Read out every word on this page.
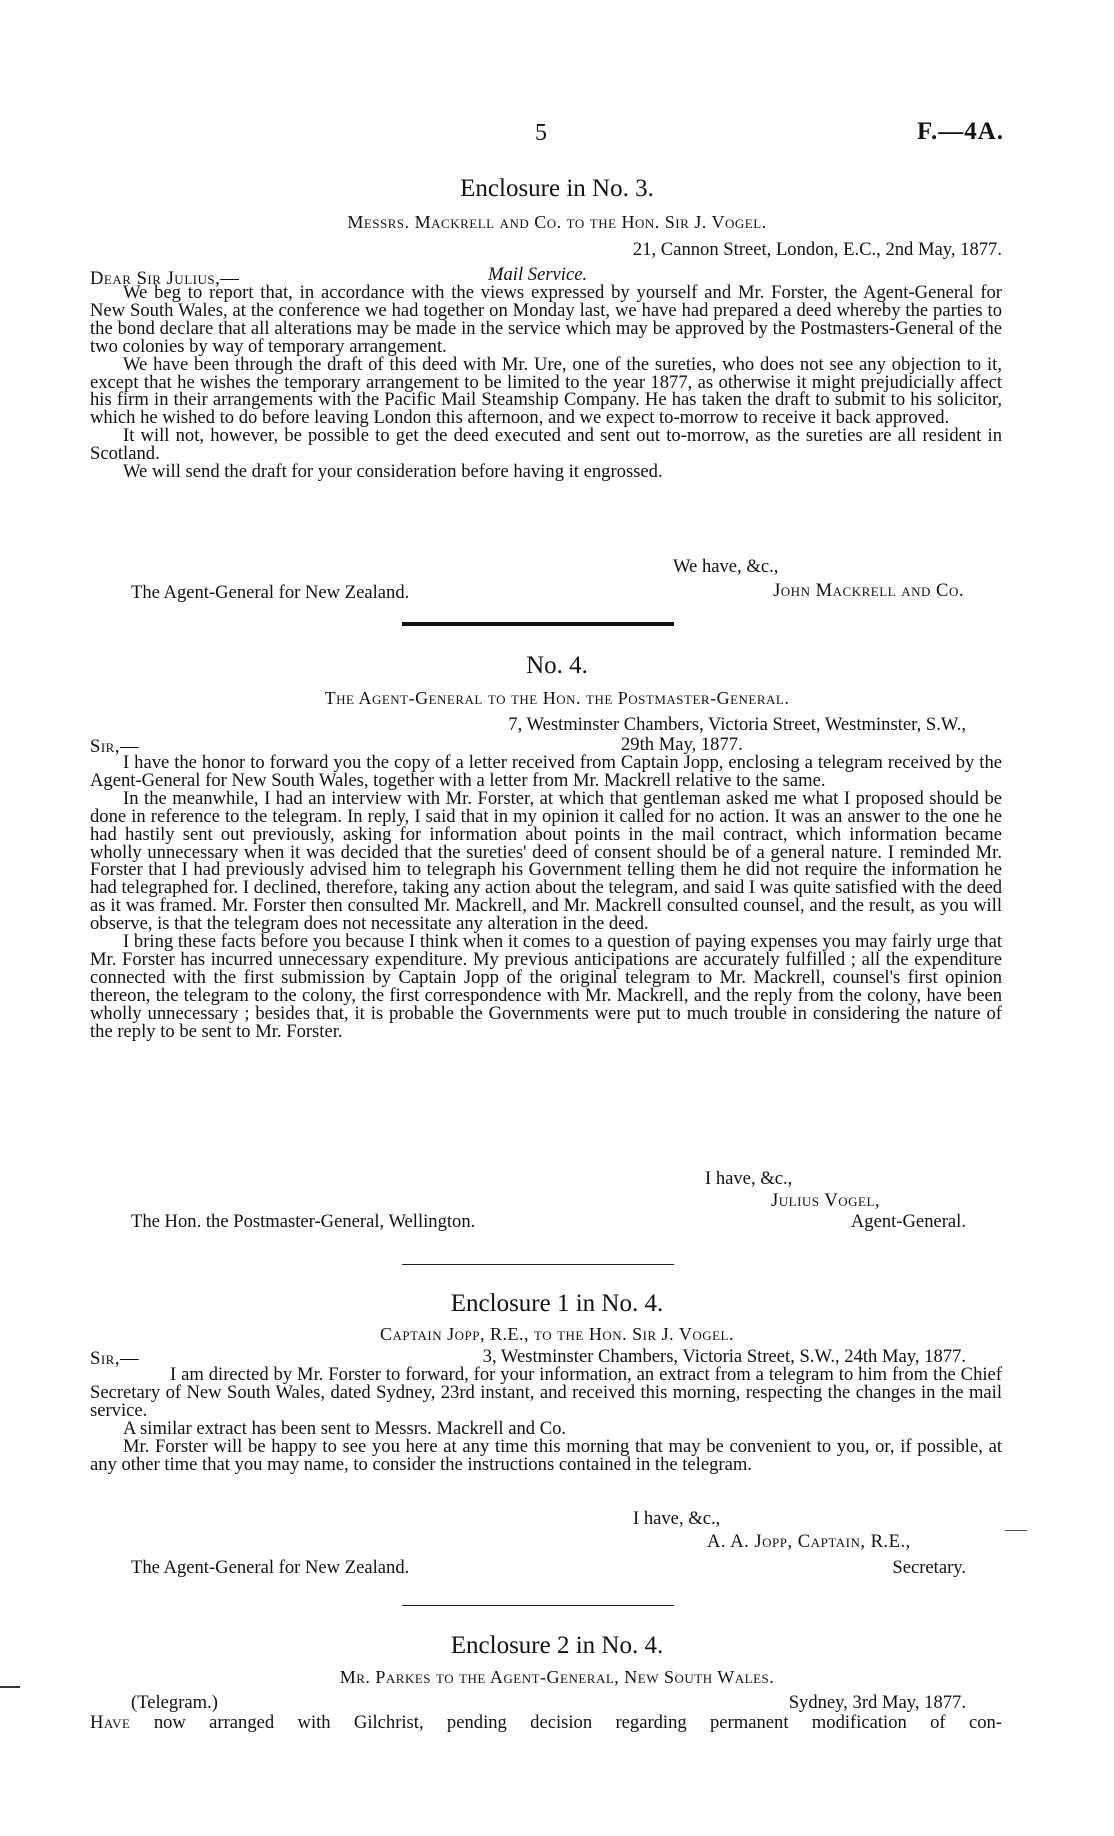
5	F.—4A.
Enclosure in No. 3.
Messrs. Mackrell and Co. to the Hon. Sir J. Vogel.
21, Cannon Street, London, E.C., 2nd May, 1877.
Dear Sir Julius,—	Mail Service.

We beg to report that, in accordance with the views expressed by yourself and Mr. Forster, the Agent-General for New South Wales, at the conference we had together on Monday last, we have had prepared a deed whereby the parties to the bond declare that all alterations may be made in the service which may be approved by the Postmasters-General of the two colonies by way of temporary arrangement.

We have been through the draft of this deed with Mr. Ure, one of the sureties, who does not see any objection to it, except that he wishes the temporary arrangement to be limited to the year 1877, as otherwise it might prejudicially affect his firm in their arrangements with the Pacific Mail Steamship Company. He has taken the draft to submit to his solicitor, which he wished to do before leaving London this afternoon, and we expect to-morrow to receive it back approved.

It will not, however, be possible to get the deed executed and sent out to-morrow, as the sureties are all resident in Scotland.

We will send the draft for your consideration before having it engrossed.

We have, &c.,
The Agent-General for New Zealand.	John Mackrell and Co.
No. 4.
The Agent-General to the Hon. the Postmaster-General.
7, Westminster Chambers, Victoria Street, Westminster, S.W.,
Sir,—	29th May, 1877.

I have the honor to forward you the copy of a letter received from Captain Jopp, enclosing a telegram received by the Agent-General for New South Wales, together with a letter from Mr. Mackrell relative to the same.

In the meanwhile, I had an interview with Mr. Forster, at which that gentleman asked me what I proposed should be done in reference to the telegram. In reply, I said that in my opinion it called for no action. It was an answer to the one he had hastily sent out previously, asking for information about points in the mail contract, which information became wholly unnecessary when it was decided that the sureties' deed of consent should be of a general nature. I reminded Mr. Forster that I had previously advised him to telegraph his Government telling them he did not require the information he had telegraphed for. I declined, therefore, taking any action about the telegram, and said I was quite satisfied with the deed as it was framed. Mr. Forster then consulted Mr. Mackrell, and Mr. Mackrell consulted counsel, and the result, as you will observe, is that the telegram does not necessitate any alteration in the deed.

I bring these facts before you because I think when it comes to a question of paying expenses you may fairly urge that Mr. Forster has incurred unnecessary expenditure. My previous anticipations are accurately fulfilled ; all the expenditure connected with the first submission by Captain Jopp of the original telegram to Mr. Mackrell, counsel's first opinion thereon, the telegram to the colony, the first correspondence with Mr. Mackrell, and the reply from the colony, have been wholly unnecessary ; besides that, it is probable the Governments were put to much trouble in considering the nature of the reply to be sent to Mr. Forster.

I have, &c.,
Julius Vogel,
The Hon. the Postmaster-General, Wellington.	Agent-General.
Enclosure 1 in No. 4.
Captain Jopp, R.E., to the Hon. Sir J. Vogel.
Sir,—	3, Westminster Chambers, Victoria Street, S.W., 24th May, 1877.

I am directed by Mr. Forster to forward, for your information, an extract from a telegram to him from the Chief Secretary of New South Wales, dated Sydney, 23rd instant, and received this morning, respecting the changes in the mail service.

A similar extract has been sent to Messrs. Mackrell and Co.

Mr. Forster will be happy to see you here at any time this morning that may be convenient to you, or, if possible, at any other time that you may name, to consider the instructions contained in the telegram.

I have, &c.,
A. A. Jopp, Captain, R.E.,
The Agent-General for New Zealand.	Secretary.
Enclosure 2 in No. 4.
Mr. Parkes to the Agent-General, New South Wales.
(Telegram.)	Sydney, 3rd May, 1877.
Have now arranged with Gilchrist, pending decision regarding permanent modification of con-
